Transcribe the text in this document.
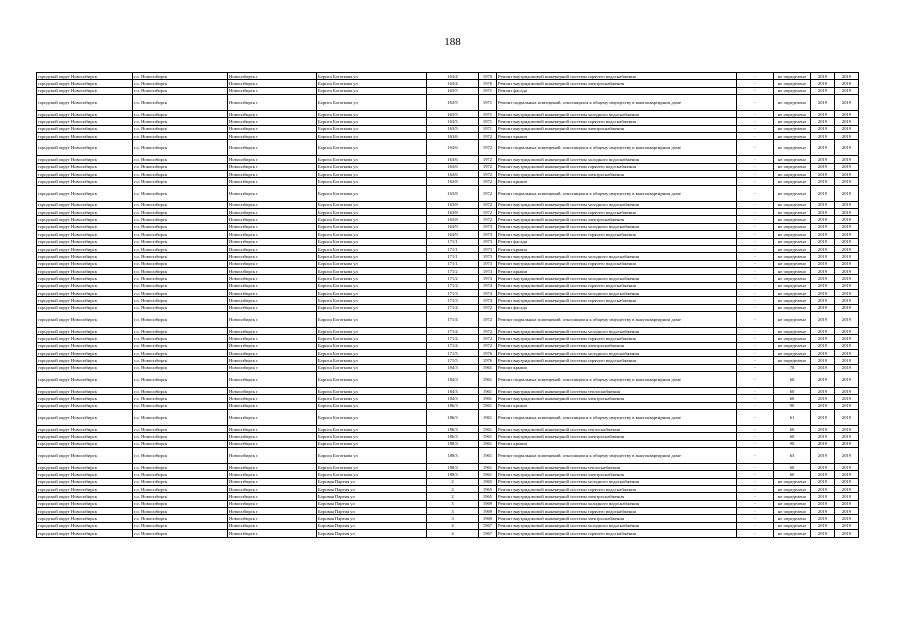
188
городской округ Новосибирск	г.о. Новосибирск	Новосибирск г	Бориса Богаткова ул	163/4	1970	Ремонт внутридомовой инженерной системы горячего водоснабжения	-	не определено	2019	2019
городской округ Новосибирск	г.о. Новосибирск	Новосибирск г	Бориса Богаткова ул	163/4	1970	Ремонт внутридомовой инженерной системы электроснабжения	-	не определено	2019	2019
городской округ Новосибирск	г.о. Новосибирск	Новосибирск г	Бориса Богаткова ул	163/5	1971	Ремонт фасада	-	не определено	2019	2019
городской округ Новосибирск	г.о. Новосибирск	Новосибирск г	Бориса Богаткова ул	163/5	1971	Ремонт подвальных помещений, относящихся к общему имуществу в многоквартирном доме	-	не определено	2019	2019
городской округ Новосибирск	г.о. Новосибирск	Новосибирск г	Бориса Богаткова ул	163/5	1971	Ремонт внутридомовой инженерной системы холодного водоснабжения	-	не определено	2019	2019
городской округ Новосибирск	г.о. Новосибирск	Новосибирск г	Бориса Богаткова ул	163/5	1971	Ремонт внутридомовой инженерной системы горячего водоснабжения	-	не определено	2019	2019
городской округ Новосибирск	г.о. Новосибирск	Новосибирск г	Бориса Богаткова ул	163/5	1971	Ремонт внутридомовой инженерной системы электроснабжения	-	не определено	2019	2019
городской округ Новосибирск	г.о. Новосибирск	Новосибирск г	Бориса Богаткова ул	163/6	1972	Ремонт крыши	-	не определено	2019	2019
городской округ Новосибирск	г.о. Новосибирск	Новосибирск г	Бориса Богаткова ул	163/6	1972	Ремонт подвальных помещений, относящихся к общему имуществу в многоквартирном доме	-	не определено	2019	2019
городской округ Новосибирск	г.о. Новосибирск	Новосибирск г	Бориса Богаткова ул	163/6	1972	Ремонт внутридомовой инженерной системы холодного водоснабжения	-	не определено	2019	2019
городской округ Новосибирск	г.о. Новосибирск	Новосибирск г	Бориса Богаткова ул	163/6	1972	Ремонт внутридомовой инженерной системы горячего водоснабжения	-	не определено	2019	2019
городской округ Новосибирск	г.о. Новосибирск	Новосибирск г	Бориса Богаткова ул	163/6	1972	Ремонт внутридомовой инженерной системы электроснабжения	-	не определено	2019	2019
городской округ Новосибирск	г.о. Новосибирск	Новосибирск г	Бориса Богаткова ул	163/8	1972	Ремонт крыши	-	не определено	2019	2019
городской округ Новосибирск	г.о. Новосибирск	Новосибирск г	Бориса Богаткова ул	163/8	1972	Ремонт подвальных помещений, относящихся к общему имуществу в многоквартирном доме	-	не определено	2019	2019
городской округ Новосибирск	г.о. Новосибирск	Новосибирск г	Бориса Богаткова ул	163/8	1972	Ремонт внутридомовой инженерной системы холодного водоснабжения	-	не определено	2019	2019
городской округ Новосибирск	г.о. Новосибирск	Новосибирск г	Бориса Богаткова ул	163/8	1972	Ремонт внутридомовой инженерной системы горячего водоснабжения	-	не определено	2019	2019
городской округ Новосибирск	г.о. Новосибирск	Новосибирск г	Бориса Богаткова ул	163/8	1972	Ремонт внутридомовой инженерной системы электроснабжения	-	не определено	2019	2019
городской округ Новосибирск	г.о. Новосибирск	Новосибирск г	Бориса Богаткова ул	163/9	1973	Ремонт внутридомовой инженерной системы холодного водоснабжения	-	не определено	2019	2019
городской округ Новосибирск	г.о. Новосибирск	Новосибирск г	Бориса Богаткова ул	163/9	1973	Ремонт внутридомовой инженерной системы горячего водоснабжения	-	не определено	2019	2019
городской округ Новосибирск	г.о. Новосибирск	Новосибирск г	Бориса Богаткова ул	171/1	1973	Ремонт фасада	-	не определено	2019	2019
городской округ Новосибирск	г.о. Новосибирск	Новосибирск г	Бориса Богаткова ул	171/1	1973	Ремонт крыши	-	не определено	2019	2019
городской округ Новосибирск	г.о. Новосибирск	Новосибирск г	Бориса Богаткова ул	171/1	1973	Ремонт внутридомовой инженерной системы холодного водоснабжения	-	не определено	2019	2019
городской округ Новосибирск	г.о. Новосибирск	Новосибирск г	Бориса Богаткова ул	171/1	1973	Ремонт внутридомовой инженерной системы горячего водоснабжения	-	не определено	2019	2019
городской округ Новосибирск	г.о. Новосибирск	Новосибирск г	Бориса Богаткова ул	171/2	1974	Ремонт крыши	-	не определено	2019	2019
городской округ Новосибирск	г.о. Новосибирск	Новосибирск г	Бориса Богаткова ул	171/2	1974	Ремонт внутридомовой инженерной системы холодного водоснабжения	-	не определено	2019	2019
городской округ Новосибирск	г.о. Новосибирск	Новосибирск г	Бориса Богаткова ул	171/2	1974	Ремонт внутридомовой инженерной системы горячего водоснабжения	-	не определено	2019	2019
городской округ Новосибирск	г.о. Новосибирск	Новосибирск г	Бориса Богаткова ул	171/3	1974	Ремонт внутридомовой инженерной системы холодного водоснабжения	-	не определено	2019	2019
городской округ Новосибирск	г.о. Новосибирск	Новосибирск г	Бориса Богаткова ул	171/3	1974	Ремонт внутридомовой инженерной системы горячего водоснабжения	-	не определено	2019	2019
городской округ Новосибирск	г.о. Новосибирск	Новосибирск г	Бориса Богаткова ул	171/4	1972	Ремонт фасада	-	не определено	2019	2019
городской округ Новосибирск	г.о. Новосибирск	Новосибирск г	Бориса Богаткова ул	171/4	1972	Ремонт подвальных помещений, относящихся к общему имуществу в многоквартирном доме	-	не определено	2019	2019
городской округ Новосибирск	г.о. Новосибирск	Новосибирск г	Бориса Богаткова ул	171/4	1972	Ремонт внутридомовой инженерной системы холодного водоснабжения	-	не определено	2019	2019
городской округ Новосибирск	г.о. Новосибирск	Новосибирск г	Бориса Богаткова ул	171/4	1972	Ремонт внутридомовой инженерной системы горячего водоснабжения	-	не определено	2019	2019
городской округ Новосибирск	г.о. Новосибирск	Новосибирск г	Бориса Богаткова ул	171/4	1972	Ремонт внутридомовой инженерной системы электроснабжения	-	не определено	2019	2019
городской округ Новосибирск	г.о. Новосибирск	Новосибирск г	Бориса Богаткова ул	171/5	1976	Ремонт внутридомовой инженерной системы холодного водоснабжения	-	не определено	2019	2019
городской округ Новосибирск	г.о. Новосибирск	Новосибирск г	Бориса Богаткова ул	171/5	1976	Ремонт внутридомовой инженерной системы горячего водоснабжения	-	не определено	2019	2019
городской округ Новосибирск	г.о. Новосибирск	Новосибирск г	Бориса Богаткова ул	184/3	1961	Ремонт крыши	-	70	2019	2019
городской округ Новосибирск	г.о. Новосибирск	Новосибирск г	Бориса Богаткова ул	184/3	1961	Ремонт подвальных помещений, относящихся к общему имуществу в многоквартирном доме	-	60	2019	2019
городской округ Новосибирск	г.о. Новосибирск	Новосибирск г	Бориса Богаткова ул	184/3	1961	Ремонт внутридомовой инженерной системы теплоснабжения	-	60	2019	2019
городской округ Новосибирск	г.о. Новосибирск	Новосибирск г	Бориса Богаткова ул	184/3	1961	Ремонт внутридомовой инженерной системы электроснабжения	-	60	2019	2019
городской округ Новосибирск	г.о. Новосибирск	Новосибирск г	Бориса Богаткова ул	186/3	1961	Ремонт крыши	-	90	2019	2019
городской округ Новосибирск	г.о. Новосибирск	Новосибирск г	Бориса Богаткова ул	186/3	1961	Ремонт подвальных помещений, относящихся к общему имуществу в многоквартирном доме	-	61	2019	2019
городской округ Новосибирск	г.о. Новосибирск	Новосибирск г	Бориса Богаткова ул	186/3	1961	Ремонт внутридомовой инженерной системы теплоснабжения	-	60	2019	2019
городской округ Новосибирск	г.о. Новосибирск	Новосибирск г	Бориса Богаткова ул	186/3	1961	Ремонт внутридомовой инженерной системы электроснабжения	-	60	2019	2019
городской округ Новосибирск	г.о. Новосибирск	Новосибирск г	Бориса Богаткова ул	188/3	1961	Ремонт крыши	-	90	2019	2019
городской округ Новосибирск	г.о. Новосибирск	Новосибирск г	Бориса Богаткова ул	188/3	1961	Ремонт подвальных помещений, относящихся к общему имуществу в многоквартирном доме	-	63	2019	2019
городской округ Новосибирск	г.о. Новосибирск	Новосибирск г	Бориса Богаткова ул	188/3	1961	Ремонт внутридомовой инженерной системы теплоснабжения	-	60	2019	2019
городской округ Новосибирск	г.о. Новосибирск	Новосибирск г	Бориса Богаткова ул	188/3	1961	Ремонт внутридомовой инженерной системы электроснабжения	-	60	2019	2019
городской округ Новосибирск	г.о. Новосибирск	Новосибирск г	Боровая Партия ул	2	1965	Ремонт внутридомовой инженерной системы холодного водоснабжения	-	не определено	2019	2019
городской округ Новосибирск	г.о. Новосибирск	Новосибирск г	Боровая Партия ул	2	1965	Ремонт внутридомовой инженерной системы горячего водоснабжения	-	не определено	2019	2019
городской округ Новосибирск	г.о. Новосибирск	Новосибирск г	Боровая Партия ул	2	1965	Ремонт внутридомовой инженерной системы электроснабжения	-	не определено	2019	2019
городской округ Новосибирск	г.о. Новосибирск	Новосибирск г	Боровая Партия ул	3	1969	Ремонт внутридомовой инженерной системы холодного водоснабжения	-	не определено	2019	2019
городской округ Новосибирск	г.о. Новосибирск	Новосибирск г	Боровая Партия ул	3	1969	Ремонт внутридомовой инженерной системы горячего водоснабжения	-	не определено	2019	2019
городской округ Новосибирск	г.о. Новосибирск	Новосибирск г	Боровая Партия ул	3	1969	Ремонт внутридомовой инженерной системы электроснабжения	-	не определено	2019	2019
городской округ Новосибирск	г.о. Новосибирск	Новосибирск г	Боровая Партия ул	4	1967	Ремонт внутридомовой инженерной системы холодного водоснабжения	-	не определено	2019	2019
городской округ Новосибирск	г.о. Новосибирск	Новосибирск г	Боровая Партия ул	4	1967	Ремонт внутридомовой инженерной системы горячего водоснабжения	-	не определено	2019	2019
